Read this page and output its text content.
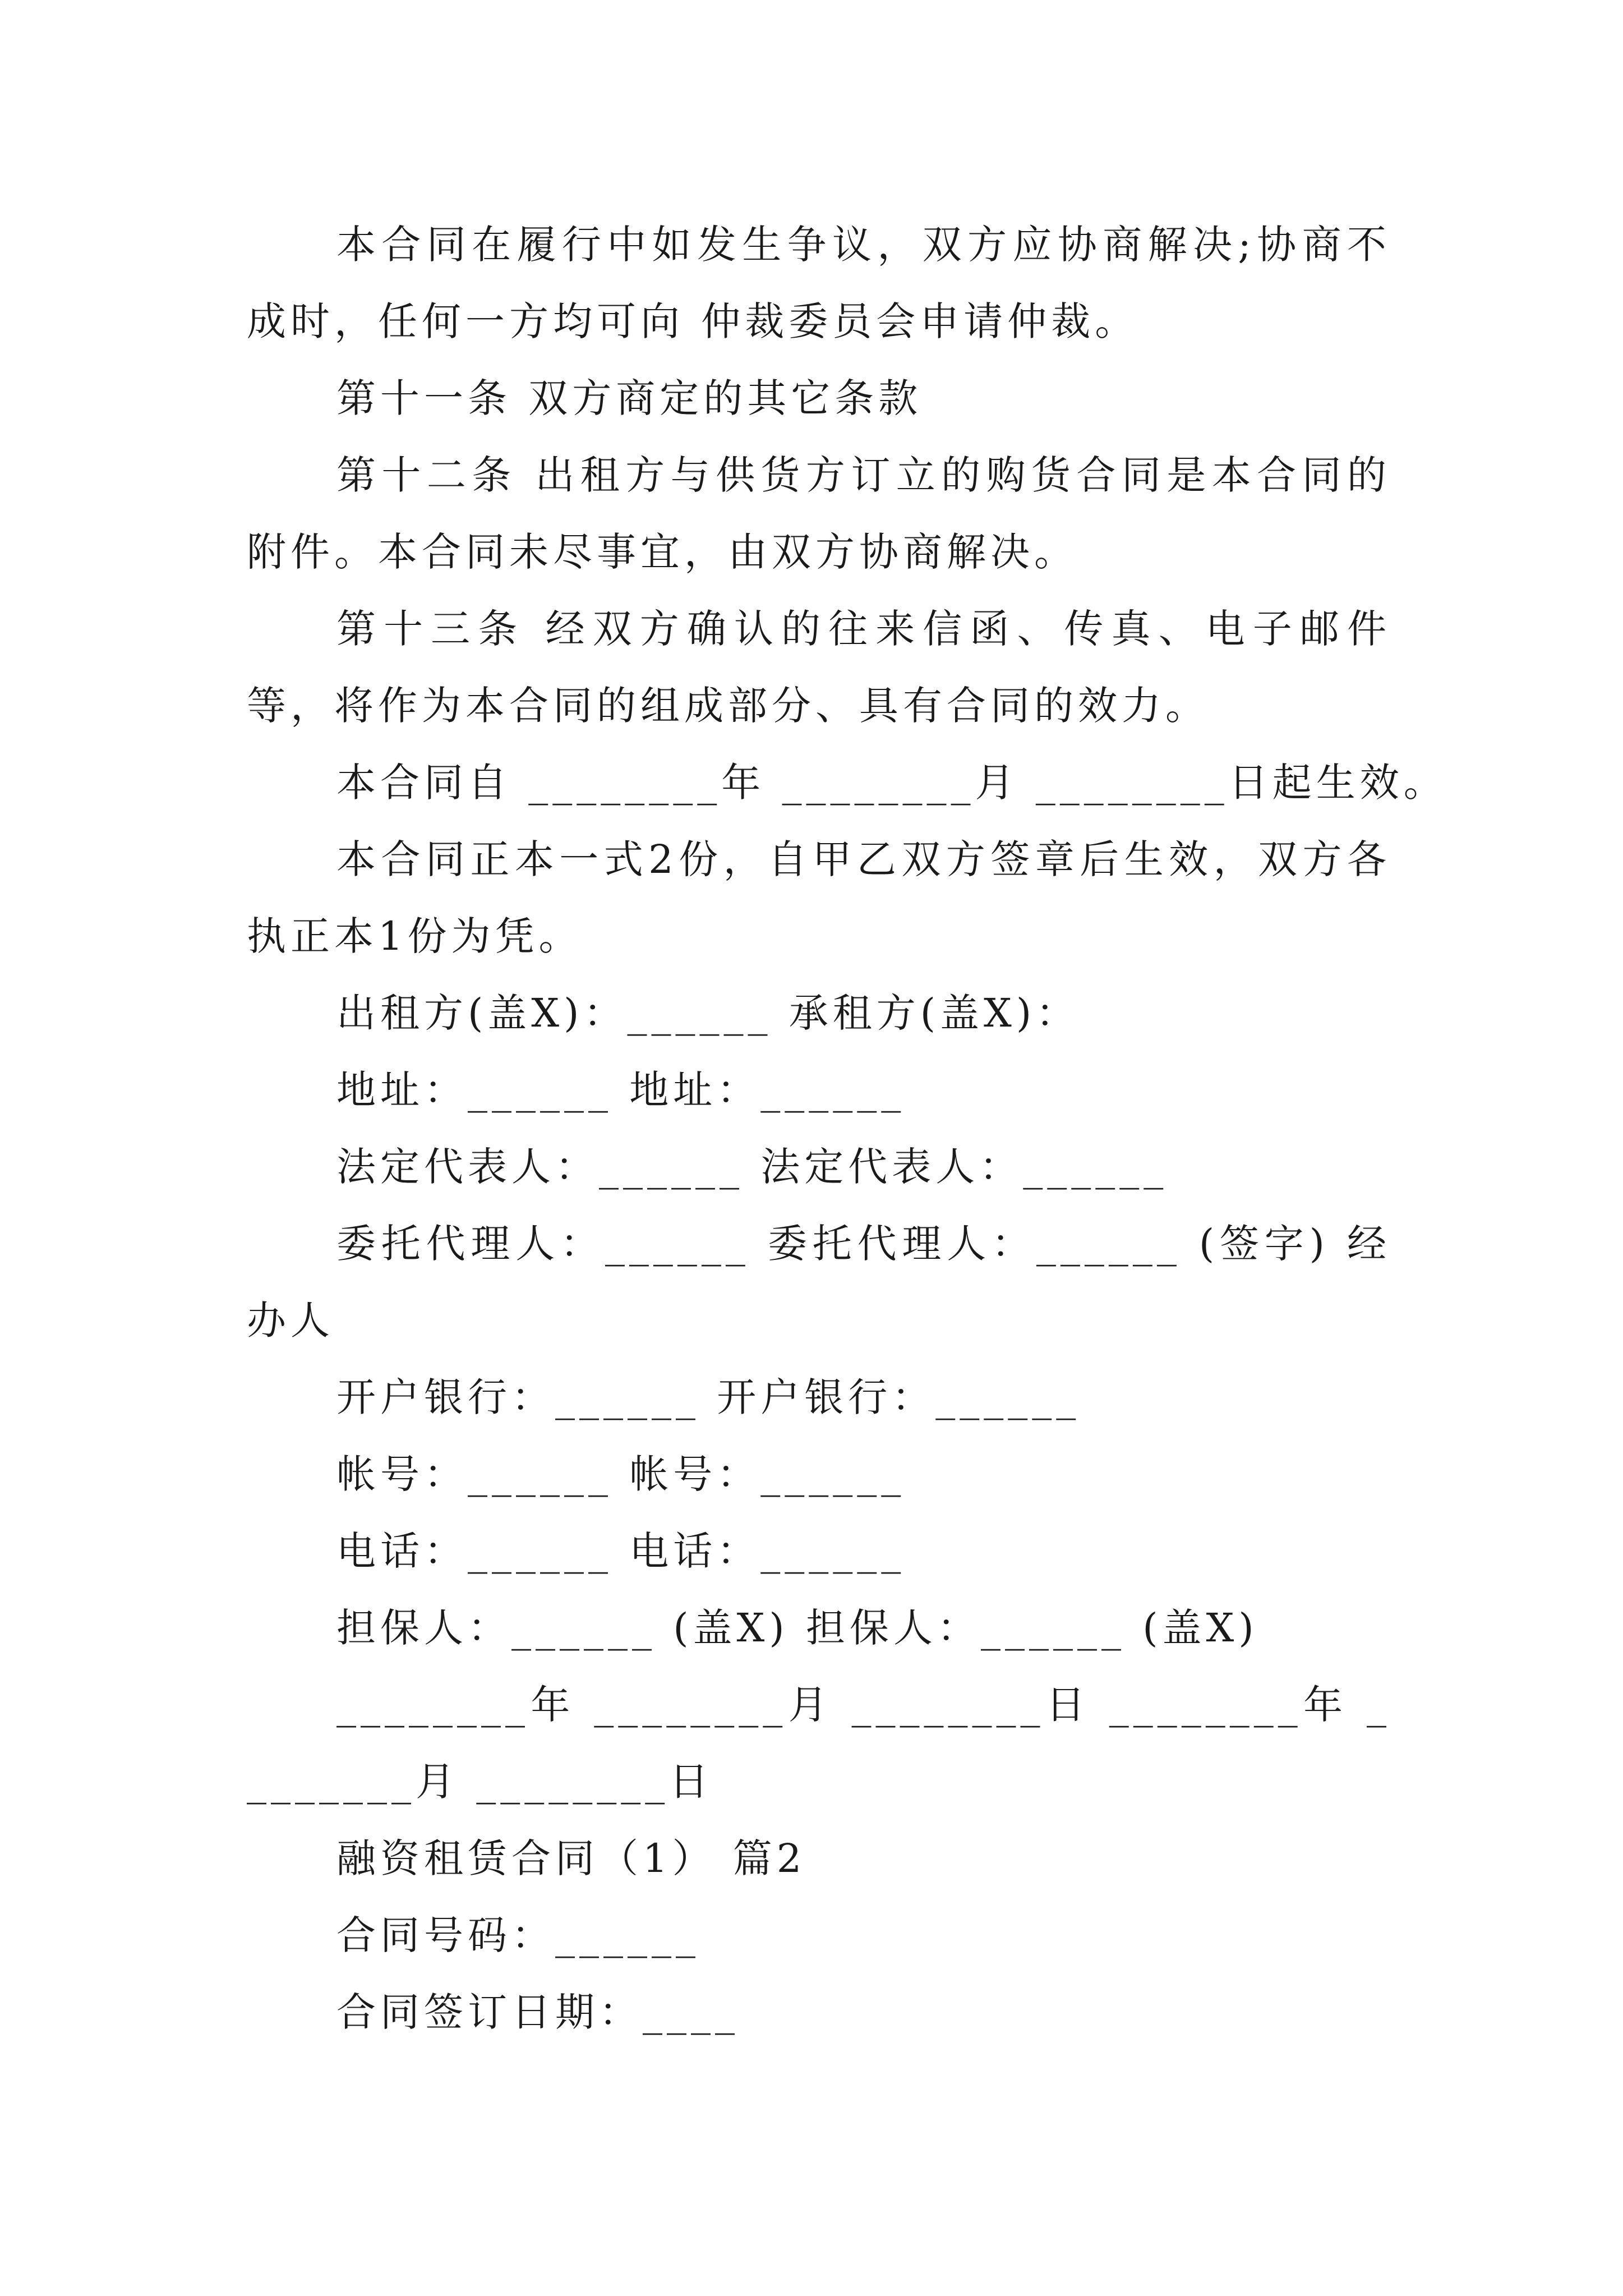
本合同在履行中如发生争议，双方应协商解决;协商不成时，任何一方均可向 仲裁委员会申请仲裁。

第十一条 双方商定的其它条款

第十二条 出租方与供货方订立的购货合同是本合同的附件。本合同未尽事宜，由双方协商解决。

第十三条 经双方确认的往来信函、传真、电子邮件等，将作为本合同的组成部分、具有合同的效力。

本合同自 ________年 ________月 ________日起生效。

本合同正本一式2份，自甲乙双方签章后生效，双方各执正本1份为凭。

出租方(盖X)：______ 承租方(盖X)：

地址：______ 地址：______

法定代表人：______ 法定代表人：______

委托代理人：______ 委托代理人：______ (签字) 经办人

开户银行：______ 开户银行：______

帐号：______ 帐号：______

电话：______ 电话：______

担保人：______ (盖X) 担保人：______ (盖X)

________年 ________月 ________日 ________年 ________月 ________日

融资租赁合同（1） 篇2

合同号码：______

合同签订日期：____
